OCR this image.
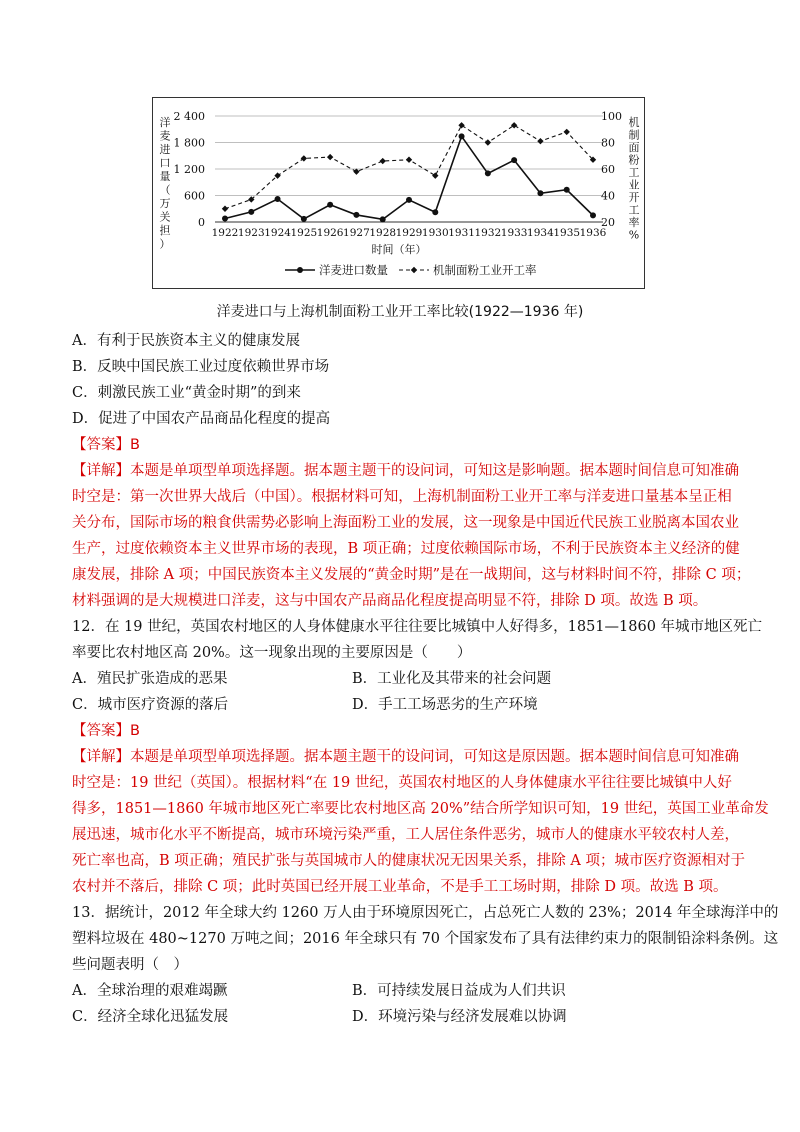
0
600
1 200
1 800
2 400
20
40
60
80
100
1922 1923 1924 1925 1926 1927 1928 1929 1930 1931 1932 1933 1934 1935 1936
时间（年）
洋麦进口量（万关担）
机制面粉工业开工率%
洋麦进口数量	机制面粉工业开工率
洋麦进口与上海机制面粉工业开工率比较(1922—1936 年)
A．有利于民族资本主义的健康发展
B．反映中国民族工业过度依赖世界市场
C．刺激民族工业“黄金时期”的到来
D．促进了中国农产品商品化程度的提高
【答案】B
【详解】本题是单项型单项选择题。据本题主题干的设问词，可知这是影响题。据本题时间信息可知准确
时空是：第一次世界大战后（中国）。根据材料可知，上海机制面粉工业开工率与洋麦进口量基本呈正相
关分布，国际市场的粮食供需势必影响上海面粉工业的发展，这一现象是中国近代民族工业脱离本国农业
生产，过度依赖资本主义世界市场的表现，B 项正确；过度依赖国际市场，不利于民族资本主义经济的健
康发展，排除 A 项；中国民族资本主义发展的“黄金时期”是在一战期间，这与材料时间不符，排除 C 项；
材料强调的是大规模进口洋麦，这与中国农产品商品化程度提高明显不符，排除 D 项。故选 B 项。
12．在 19 世纪，英国农村地区的人身体健康水平往往要比城镇中人好得多，1851—1860 年城市地区死亡
率要比农村地区高 20%。这一现象出现的主要原因是（　　）
A．殖民扩张造成的恶果	B．工业化及其带来的社会问题
C．城市医疗资源的落后	D．手工工场恶劣的生产环境
【答案】B
【详解】本题是单项型单项选择题。据本题主题干的设问词，可知这是原因题。据本题时间信息可知准确
时空是：19 世纪（英国）。根据材料“在 19 世纪，英国农村地区的人身体健康水平往往要比城镇中人好
得多，1851—1860 年城市地区死亡率要比农村地区高 20%”结合所学知识可知，19 世纪，英国工业革命发
展迅速，城市化水平不断提高，城市环境污染严重，工人居住条件恶劣，城市人的健康水平较农村人差，
死亡率也高，B 项正确；殖民扩张与英国城市人的健康状况无因果关系，排除 A 项；城市医疗资源相对于
农村并不落后，排除 C 项；此时英国已经开展工业革命，不是手工工场时期，排除 D 项。故选 B 项。
13．据统计，2012 年全球大约 1260 万人由于环境原因死亡，占总死亡人数的 23%；2014 年全球海洋中的
塑料垃圾在 480~1270 万吨之间；2016 年全球只有 70 个国家发布了具有法律约束力的限制铅涂料条例。这
些问题表明（　）
A．全球治理的艰难竭蹶	B．可持续发展日益成为人们共识
C．经济全球化迅猛发展	D．环境污染与经济发展难以协调
